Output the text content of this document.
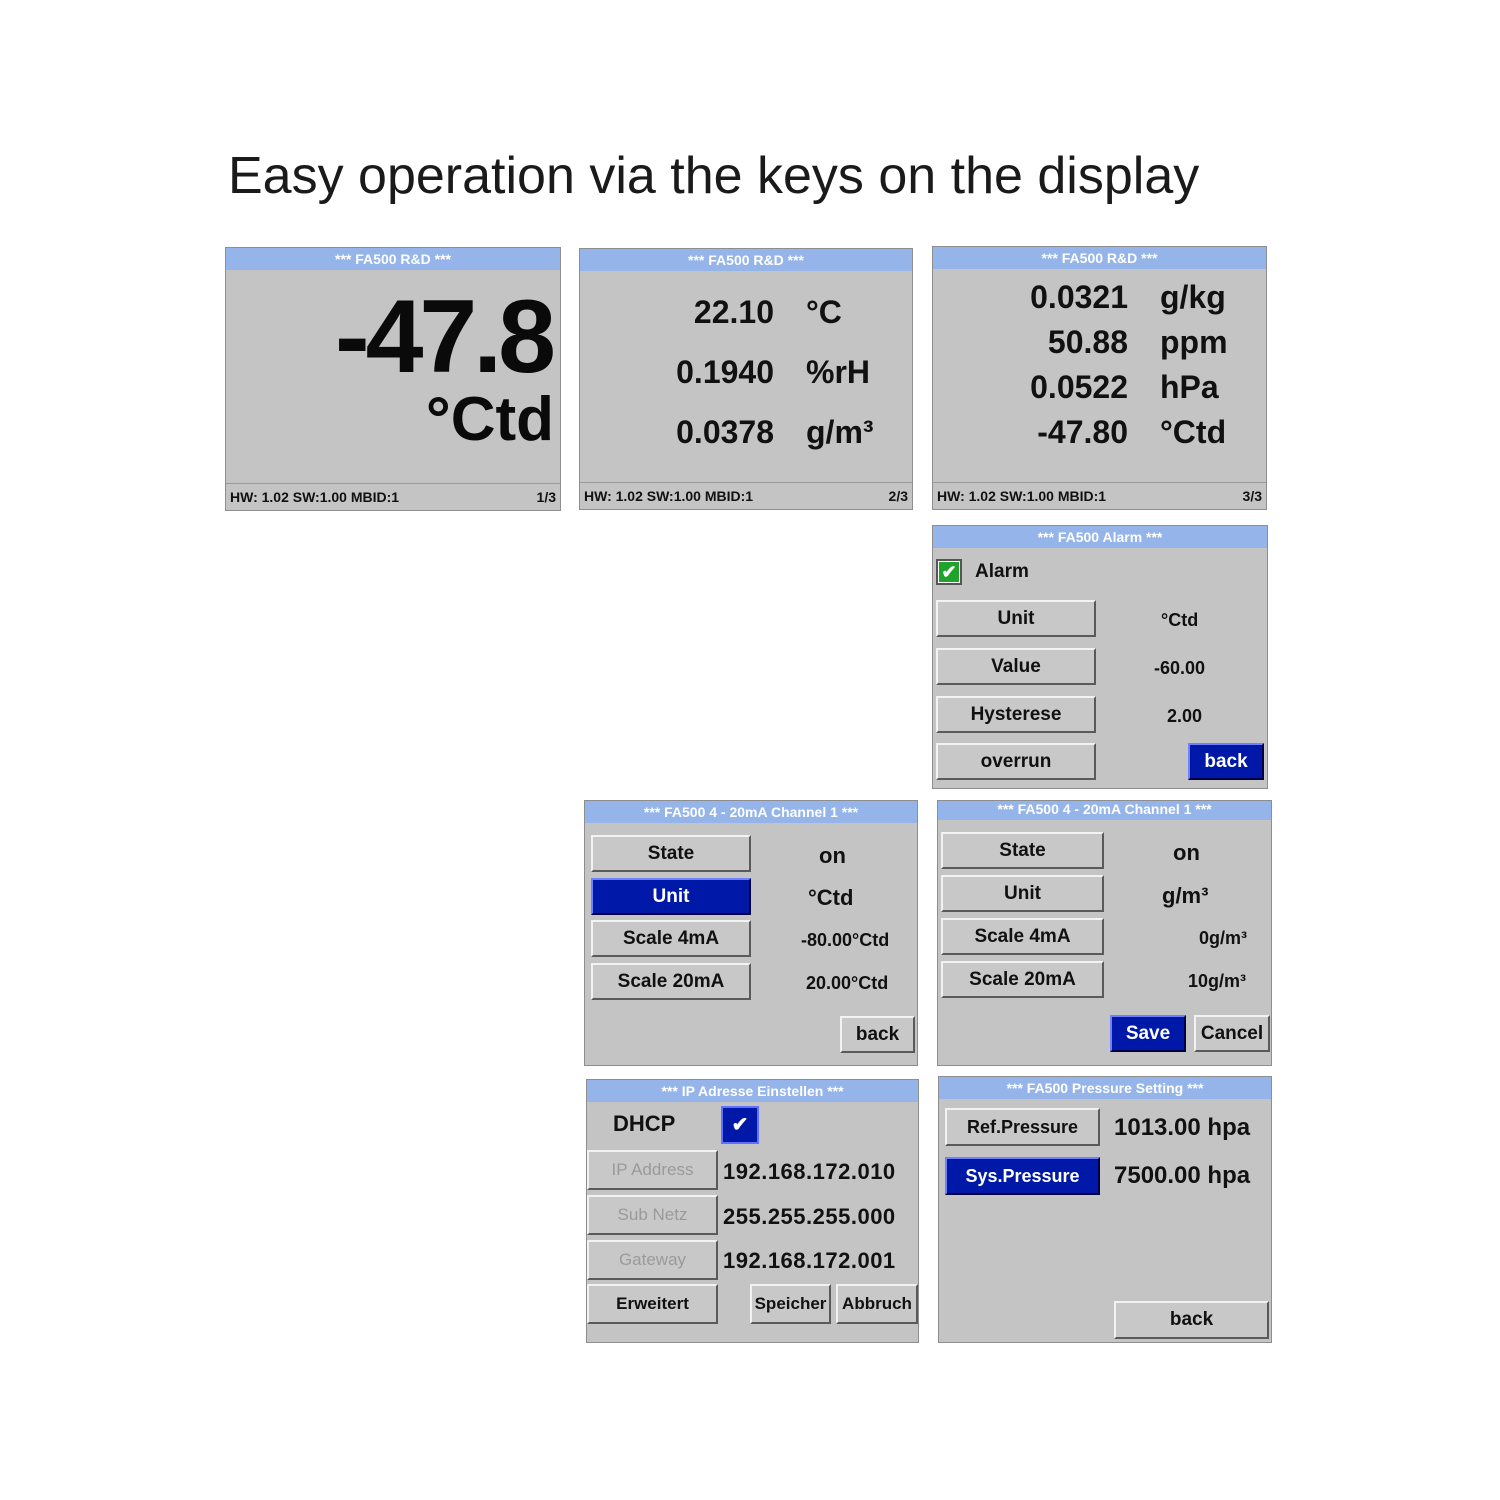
Easy operation via the keys on the display
*** FA500 R&D ***
-47.8
°Ctd
HW: 1.02 SW:1.00 MBID:1	1/3
*** FA500 R&D ***
22.10 °C
0.1940 %rH
0.0378 g/m³
HW: 1.02 SW:1.00 MBID:1	2/3
*** FA500 R&D ***
0.0321 g/kg
50.88 ppm
0.0522 hPa
-47.80 °Ctd
HW: 1.02 SW:1.00 MBID:1	3/3
*** FA500 Alarm ***
✔ Alarm
Unit	°Ctd
Value	-60.00
Hysterese	2.00
overrun	back
*** FA500 4 - 20mA Channel 1 ***
State	on
Unit	°Ctd
Scale 4mA	-80.00°Ctd
Scale 20mA	20.00°Ctd
back
*** FA500 4 - 20mA Channel 1 ***
State	on
Unit	g/m³
Scale 4mA	0g/m³
Scale 20mA	10g/m³
Save	Cancel
*** IP Adresse Einstellen ***
DHCP	✔
IP Address	192.168.172.010
Sub Netz	255.255.255.000
Gateway	192.168.172.001
Erweitert	Speicher Abbruch
*** FA500 Pressure Setting ***
Ref.Pressure	1013.00 hpa
Sys.Pressure	7500.00 hpa
back
